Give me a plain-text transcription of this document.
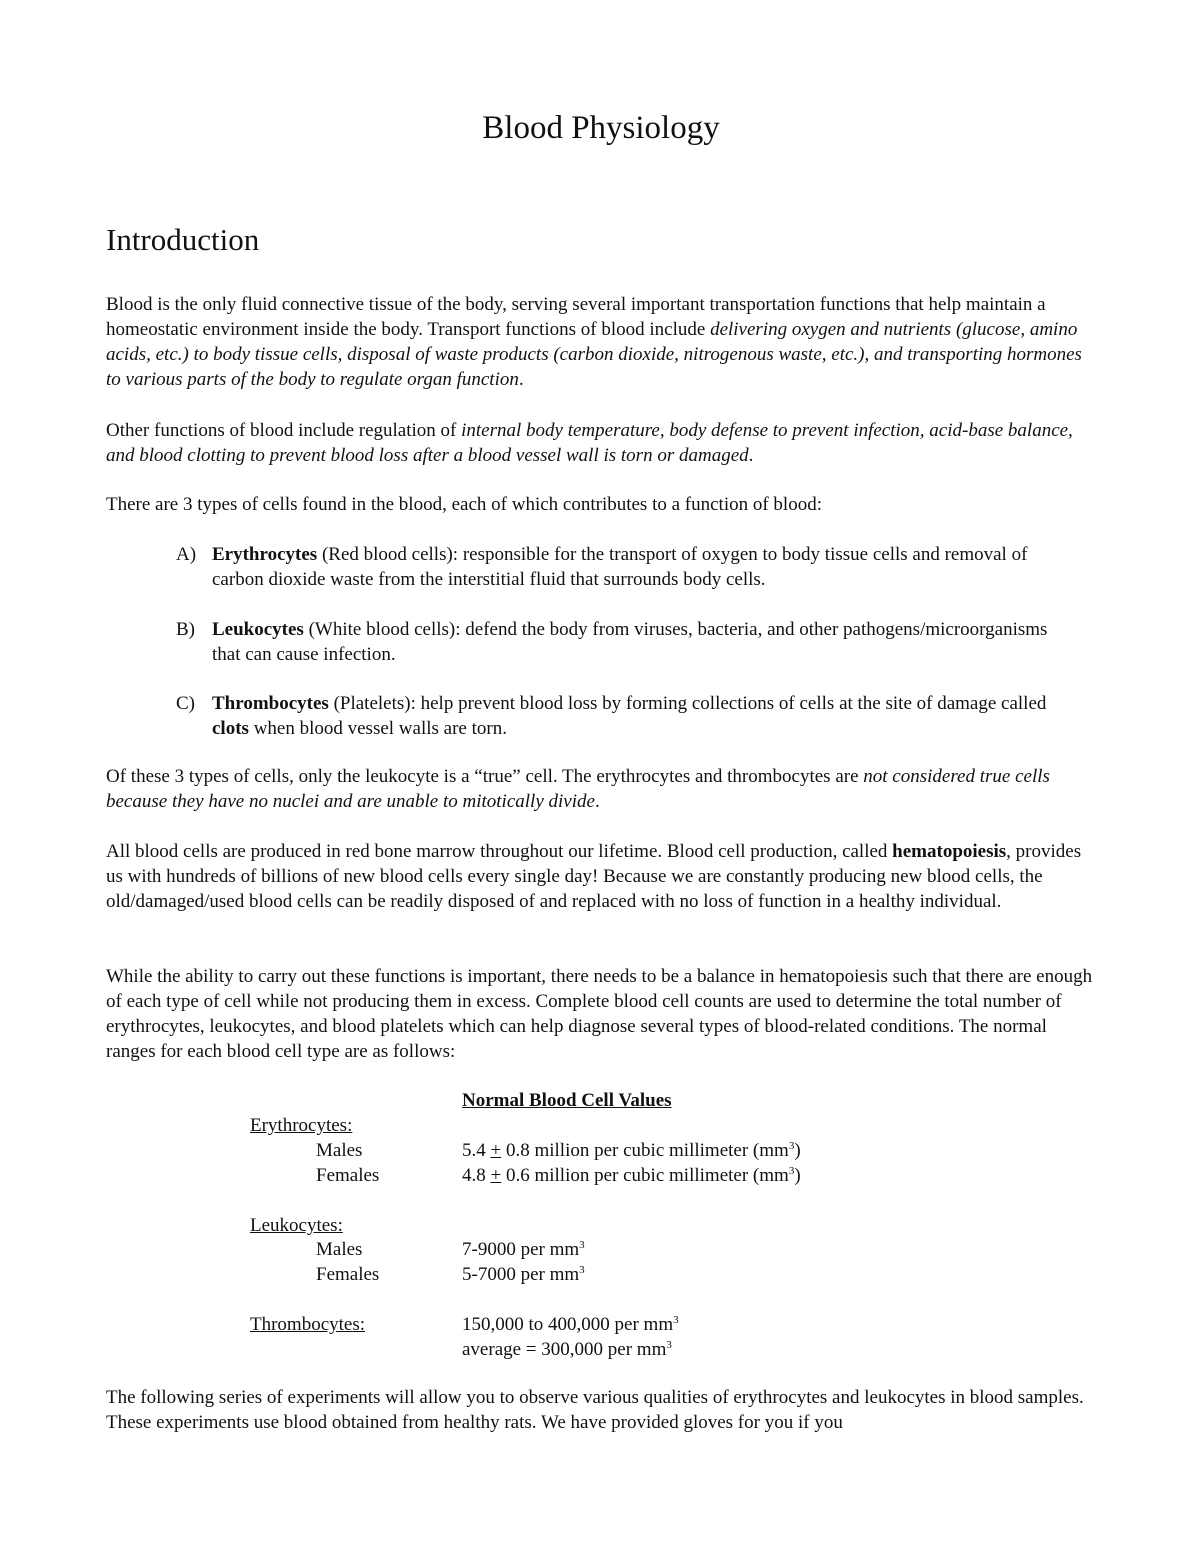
Blood Physiology
Introduction

Blood is the only fluid connective tissue of the body, serving several important transportation functions that help maintain a homeostatic environment inside the body. Transport functions of blood include delivering oxygen and nutrients (glucose, amino acids, etc.) to body tissue cells, disposal of waste products (carbon dioxide, nitrogenous waste, etc.), and transporting hormones to various parts of the body to regulate organ function.

Other functions of blood include regulation of internal body temperature, body defense to prevent infection, acid-base balance, and blood clotting to prevent blood loss after a blood vessel wall is torn or damaged.

There are 3 types of cells found in the blood, each of which contributes to a function of blood:

A) Erythrocytes (Red blood cells): responsible for the transport of oxygen to body tissue cells and removal of carbon dioxide waste from the interstitial fluid that surrounds body cells.
B) Leukocytes (White blood cells): defend the body from viruses, bacteria, and other pathogens/microorganisms that can cause infection.
C) Thrombocytes (Platelets): help prevent blood loss by forming collections of cells at the site of damage called clots when blood vessel walls are torn.

Of these 3 types of cells, only the leukocyte is a “true” cell. The erythrocytes and thrombocytes are not considered true cells because they have no nuclei and are unable to mitotically divide.

All blood cells are produced in red bone marrow throughout our lifetime. Blood cell production, called hematopoiesis, provides us with hundreds of billions of new blood cells every single day! Because we are constantly producing new blood cells, the old/damaged/used blood cells can be readily disposed of and replaced with no loss of function in a healthy individual.

While the ability to carry out these functions is important, there needs to be a balance in hematopoiesis such that there are enough of each type of cell while not producing them in excess. Complete blood cell counts are used to determine the total number of erythrocytes, leukocytes, and blood platelets which can help diagnose several types of blood-related conditions. The normal ranges for each blood cell type are as follows:

Normal Blood Cell Values
Erythrocytes:
Males	5.4 + 0.8 million per cubic millimeter $(mm^3)$
Females	4.8 + 0.6 million per cubic millimeter $(mm^3)$
Leukocytes:
Males	7-9000 per $mm^3$
Females	5-7000 per $mm^3$
Thrombocytes:	150,000 to 400,000 per $mm^3$
average = 300,000 per $mm^3$

The following series of experiments will allow you to observe various qualities of erythrocytes and leukocytes in blood samples. These experiments use blood obtained from healthy rats. We have provided gloves for you if you
